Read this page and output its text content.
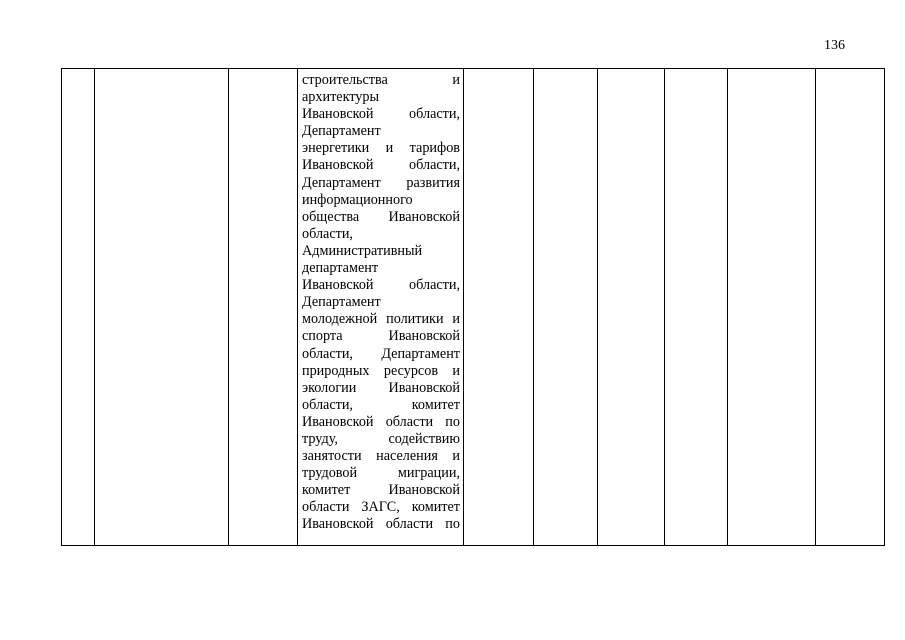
136

строительства и
архитектуры
Ивановской области,
Департамент
энергетики и тарифов
Ивановской области,
Департамент развития
информационного
общества Ивановской
области,
Административный
департамент
Ивановской области,
Департамент
молодежной политики и
спорта Ивановской
области, Департамент
природных ресурсов и
экологии Ивановской
области, комитет
Ивановской области по
труду, содействию
занятости населения и
трудовой миграции,
комитет Ивановской
области ЗАГС, комитет
Ивановской области по
